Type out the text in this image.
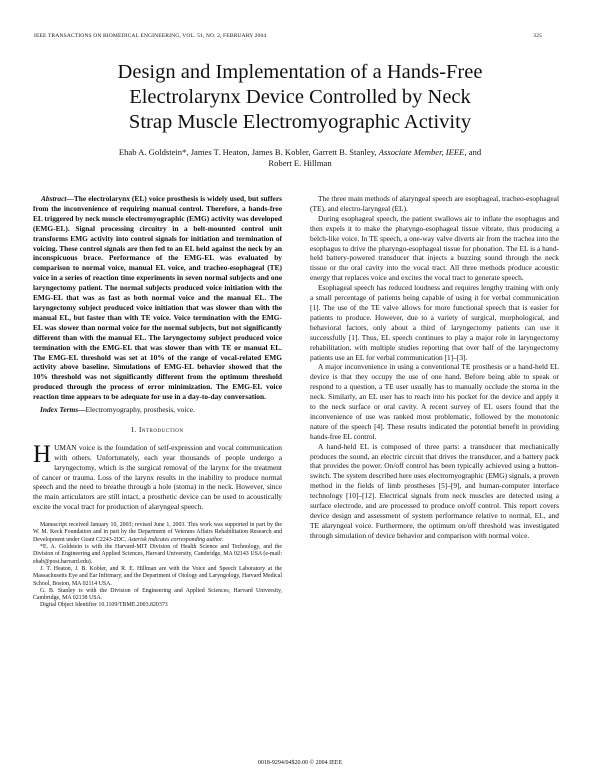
IEEE TRANSACTIONS ON BIOMEDICAL ENGINEERING, VOL. 51, NO. 2, FEBRUARY 2004	325
Design and Implementation of a Hands-Free
Electrolarynx Device Controlled by Neck
Strap Muscle Electromyographic Activity
Ehab A. Goldstein*, James T. Heaton, James B. Kobler, Garrett B. Stanley, Associate Member, IEEE, and
Robert E. Hillman

Abstract—The electrolarynx (EL) voice prosthesis is widely used, but suffers from the inconvenience of requiring manual control. Therefore, a hands-free EL triggered by neck muscle electromyographic (EMG) activity was developed (EMG-EL). Signal processing circuitry in a belt-mounted control unit transforms EMG activity into control signals for initiation and termination of voicing. These control signals are then fed to an EL held against the neck by an inconspicuous brace. Performance of the EMG-EL was evaluated by comparison to normal voice, manual EL voice, and tracheo-esophageal (TE) voice in a series of reaction time experiments in seven normal subjects and one laryngectomy patient. The normal subjects produced voice initiation with the EMG-EL that was as fast as both normal voice and the manual EL. The laryngectomy subject produced voice initiation that was slower than with the manual EL, but faster than with TE voice. Voice termination with the EMG-EL was slower than normal voice for the normal subjects, but not significantly different than with the manual EL. The laryngectomy subject produced voice termination with the EMG-EL that was slower than with TE or manual EL. The EMG-EL threshold was set at 10% of the range of vocal-related EMG activity above baseline. Simulations of EMG-EL behavior showed that the 10% threshold was not significantly different from the optimum threshold produced through the process of error minimization. The EMG-EL voice reaction time appears to be adequate for use in a day-to-day conversation.

Index Terms—Electromyography, prosthesis, voice.

I. Introduction

HUMAN voice is the foundation of self-expression and vocal communication with others. Unfortunately, each year thousands of people undergo a laryngectomy, which is the surgical removal of the larynx for the treatment of cancer or trauma. Loss of the larynx results in the inability to produce normal speech and the need to breathe through a hole (stoma) in the neck. However, since the main articulators are still intact, a prosthetic device can be used to acoustically excite the vocal tract for production of alaryngeal speech.

Manuscript received January 10, 2003; revised June 1, 2003. This work was supported in part by the W. M. Keck Foundation and in part by the Department of Veterans Affairs Rehabilitation Research and Development under Grant C2243-2DC. Asterisk indicates corresponding author.

*E. A. Goldstein is with the Harvard-MIT Division of Health Science and Technology, and the Division of Engineering and Applied Sciences, Harvard University, Cambridge, MA 02143 USA (e-mail: ehab@post.harvard.edu).

J. T. Heaton, J. B. Kobler, and R. E. Hillman are with the Voice and Speech Laboratory at the Massachusetts Eye and Ear Infirmary, and the Department of Otology and Laryngology, Harvard Medical School, Boston, MA 02114 USA.

G. B. Stanley is with the Division of Engineering and Applied Sciences, Harvard University, Cambridge, MA 02138 USA.

Digital Object Identifier 10.1109/TBME.2003.820373

The three main methods of alaryngeal speech are esophageal, tracheo-esophageal (TE), and electro-laryngeal (EL).

During esophageal speech, the patient swallows air to inflate the esophagus and then expels it to make the pharyngo-esophageal tissue vibrate, thus producing a belch-like voice. In TE speech, a one-way valve diverts air from the trachea into the esophagus to drive the pharyngo-esophageal tissue for phonation. The EL is a hand-held battery-powered transducer that injects a buzzing sound through the neck tissue or the oral cavity into the vocal tract. All three methods produce acoustic energy that replaces voice and excites the vocal tract to generate speech.

Esophageal speech has reduced loudness and requires lengthy training with only a small percentage of patients being capable of using it for verbal communication [1]. The use of the TE valve allows for more functional speech that is easier for patients to produce. However, due to a variety of surgical, morphological, and behavioral factors, only about a third of laryngectomy patients can use it successfully [1]. Thus, EL speech continues to play a major role in laryngectomy rehabilitation, with multiple studies reporting that over half of the laryngectomy patients use an EL for verbal communication [1]–[3].

A major inconvenience in using a conventional TE prosthesis or a hand-held EL device is that they occupy the use of one hand. Before being able to speak or respond to a question, a TE user usually has to manually occlude the stoma in the neck. Similarly, an EL user has to reach into his pocket for the device and apply it to the neck surface or oral cavity. A recent survey of EL users found that the inconvenience of use was ranked most problematic, followed by the monotonic nature of the speech [4]. These results indicated the potential benefit in providing hands-free EL control.

A hand-held EL is composed of three parts: a transducer that mechanically produces the sound, an electric circuit that drives the transducer, and a battery pack that provides the power. On/off control has been typically achieved using a button-switch. The system described here uses electromyographic (EMG) signals, a proven method in the fields of limb prostheses [5]–[9], and human-computer interface technology [10]–[12]. Electrical signals from neck muscles are detected using a surface electrode, and are processed to produce on/off control. This report covers device design and assessment of system performance relative to normal, EL, and TE alaryngeal voice. Furthermore, the optimum on/off threshold was investigated through simulation of device behavior and comparison with normal voice.

0018-9294/04$20.00 © 2004 IEEE
